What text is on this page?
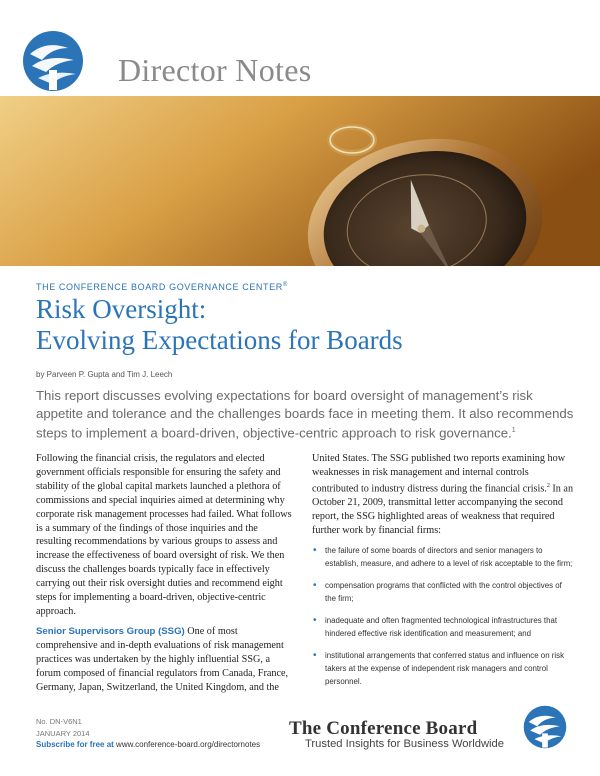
Director Notes
THE CONFERENCE BOARD GOVERNANCE CENTER®
Risk Oversight:
Evolving Expectations for Boards
by Parveen P. Gupta and Tim J. Leech
This report discusses evolving expectations for board oversight of management’s risk appetite and tolerance and the challenges boards face in meeting them. It also recommends steps to implement a board-driven, objective-centric approach to risk governance.$^1$

Following the financial crisis, the regulators and elected government officials responsible for ensuring the safety and stability of the global capital markets launched a plethora of commissions and special inquiries aimed at determining why corporate risk management processes had failed. What follows is a summary of the findings of those inquiries and the resulting recommendations by various groups to assess and increase the effectiveness of board oversight of risk. We then discuss the challenges boards typically face in effectively carrying out their risk oversight duties and recommend eight steps for implementing a board-driven, objective-centric approach.

Senior Supervisors Group (SSG) One of most comprehensive and in-depth evaluations of risk management practices was undertaken by the highly influential SSG, a forum composed of financial regulators from Canada, France, Germany, Japan, Switzerland, the United Kingdom, and the

United States. The SSG published two reports examining how weaknesses in risk management and internal controls contributed to industry distress during the financial crisis.$^2$ In an October 21, 2009, transmittal letter accompanying the second report, the SSG highlighted areas of weakness that required further work by financial firms:

• the failure of some boards of directors and senior managers to establish, measure, and adhere to a level of risk acceptable to the firm;
• compensation programs that conflicted with the control objectives of the firm;
• inadequate and often fragmented technological infrastructures that hindered effective risk identification and measurement; and
• institutional arrangements that conferred status and influence on risk takers at the expense of independent risk managers and control personnel.
No. DN-V6N1
JANUARY 2014
Subscribe for free at www.conference-board.org/directornotes
The Conference Board
Trusted Insights for Business Worldwide
